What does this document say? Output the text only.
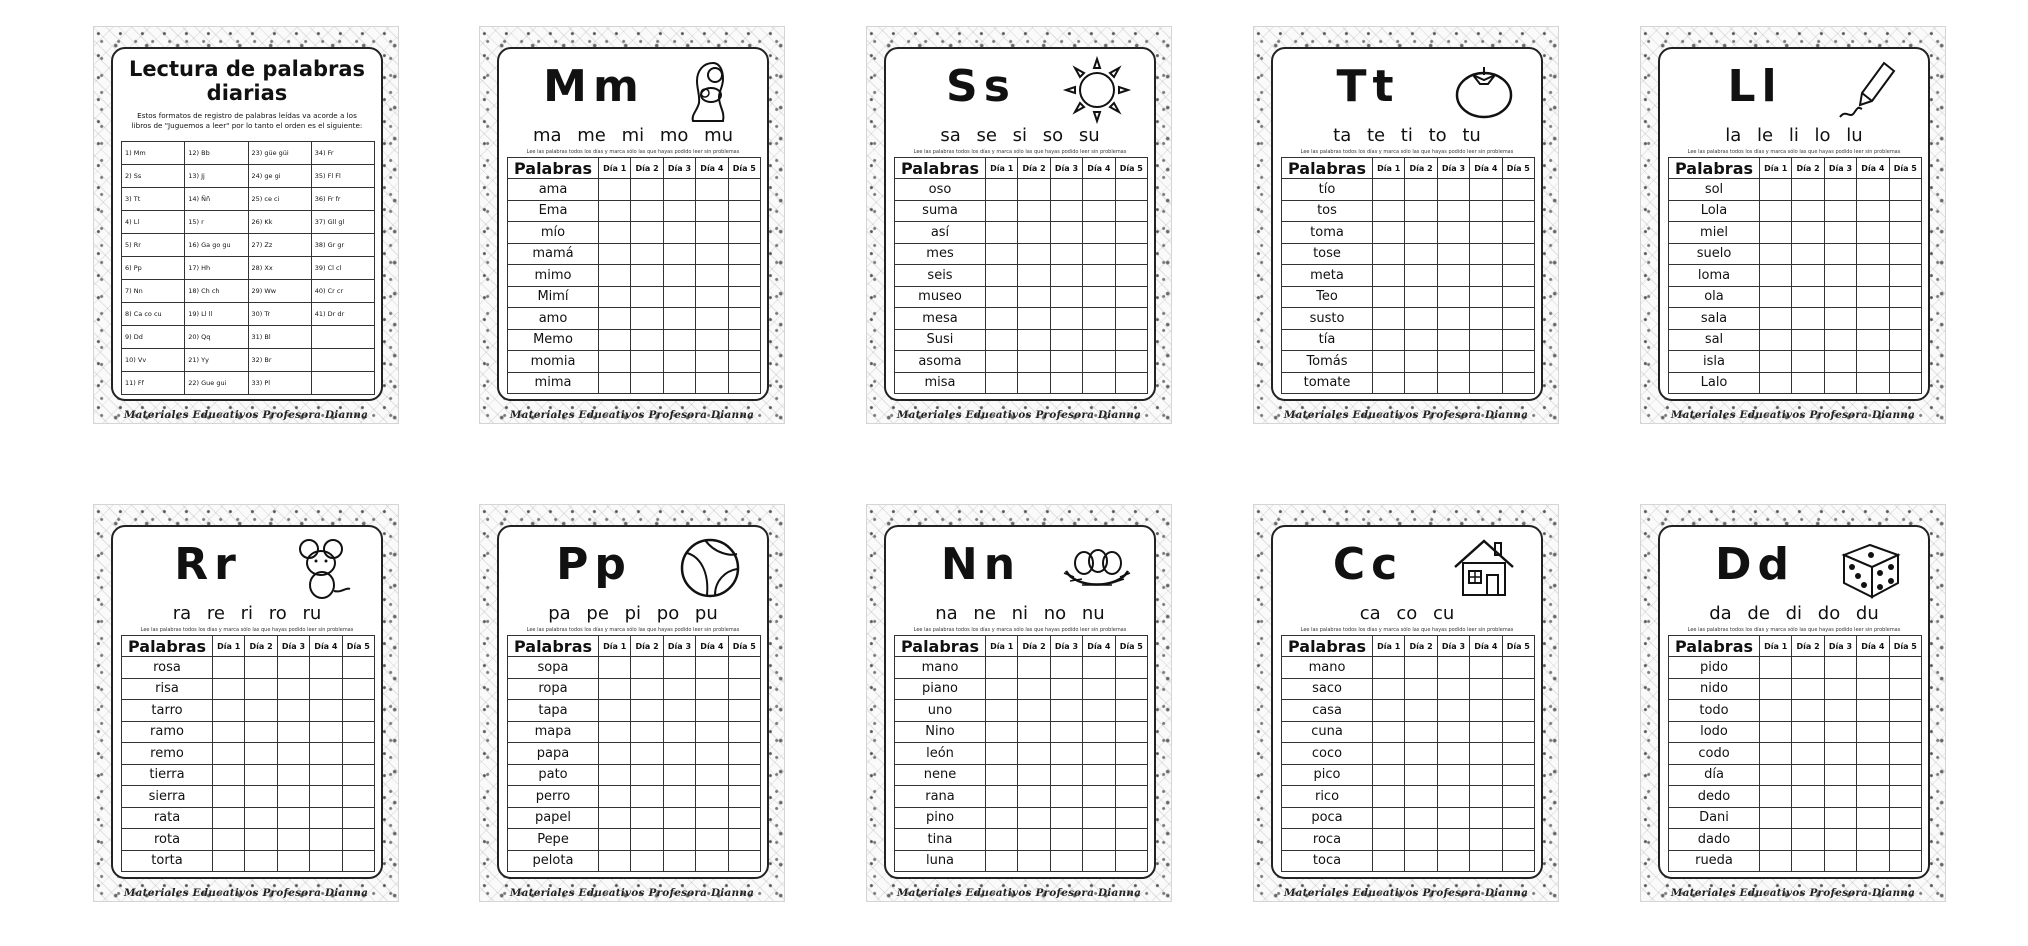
Lectura de palabras diarias
Estos formatos de registro de palabras leídas va acorde a los libros de "Juguemos a leer" por lo tanto el orden es el siguiente:
1) Mm	12) Bb	23) güe güi	34) Fr
2) Ss	13) Jj	24) ge gi	35) Fl Fl
3) Tt	14) Ññ	25) ce ci	36) Fr fr
4) Ll	15) r	26) Kk	37) Gll gl
5) Rr	16) Ga go gu	27) Zz	38) Gr gr
6) Pp	17) Hh	28) Xx	39) Cl cl
7) Nn	18) Ch ch	29) Ww	40) Cr cr
8) Ca co cu	19) Ll ll	30) Tr	41) Dr dr
9) Dd	20) Qq	31) Bl	
10) Vv	21) Yy	32) Br	
11) Ff	22) Gue gui	33) Pl	
Materiales Educativos Profesora Dianna
Mm
ma me mi mo mu
Lee las palabras todos los días y marca sólo las que hayas podido leer sin problemas
Palabras	Día 1	Día 2	Día 3	Día 4	Día 5
ama					
Ema					
mío					
mamá					
mimo					
Mimí					
amo					
Memo					
momia					
mima					
Materiales Educativos Profesora Dianna
Ss
sa se si so su
Lee las palabras todos los días y marca sólo las que hayas podido leer sin problemas
Palabras	Día 1	Día 2	Día 3	Día 4	Día 5
oso					
suma					
así					
mes					
seis					
museo					
mesa					
Susi					
asoma					
misa					
Materiales Educativos Profesora Dianna
Tt
ta te ti to tu
Lee las palabras todos los días y marca sólo las que hayas podido leer sin problemas
Palabras	Día 1	Día 2	Día 3	Día 4	Día 5
tío					
tos					
toma					
tose					
meta					
Teo					
susto					
tía					
Tomás					
tomate					
Materiales Educativos Profesora Dianna
Ll
la le li lo lu
Lee las palabras todos los días y marca sólo las que hayas podido leer sin problemas
Palabras	Día 1	Día 2	Día 3	Día 4	Día 5
sol					
Lola					
miel					
suelo					
loma					
ola					
sala					
sal					
isla					
Lalo					
Materiales Educativos Profesora Dianna
Rr
ra re ri ro ru
Lee las palabras todos los días y marca sólo las que hayas podido leer sin problemas
Palabras	Día 1	Día 2	Día 3	Día 4	Día 5
rosa					
risa					
tarro					
ramo					
remo					
tierra					
sierra					
rata					
rota					
torta					
Materiales Educativos Profesora Dianna
Pp
pa pe pi po pu
Lee las palabras todos los días y marca sólo las que hayas podido leer sin problemas
Palabras	Día 1	Día 2	Día 3	Día 4	Día 5
sopa					
ropa					
tapa					
mapa					
papa					
pato					
perro					
papel					
Pepe					
pelota					
Materiales Educativos Profesora Dianna
Nn
na ne ni no nu
Lee las palabras todos los días y marca sólo las que hayas podido leer sin problemas
Palabras	Día 1	Día 2	Día 3	Día 4	Día 5
mano					
piano					
uno					
Nino					
león					
nene					
rana					
pino					
tina					
luna					
Materiales Educativos Profesora Dianna
Cc
ca co cu
Lee las palabras todos los días y marca sólo las que hayas podido leer sin problemas
Palabras	Día 1	Día 2	Día 3	Día 4	Día 5
mano					
saco					
casa					
cuna					
coco					
pico					
rico					
poca					
roca					
toca					
Materiales Educativos Profesora Dianna
Dd
da de di do du
Lee las palabras todos los días y marca sólo las que hayas podido leer sin problemas
Palabras	Día 1	Día 2	Día 3	Día 4	Día 5
pido					
nido					
todo					
lodo					
codo					
día					
dedo					
Dani					
dado					
rueda					
Materiales Educativos Profesora Dianna
